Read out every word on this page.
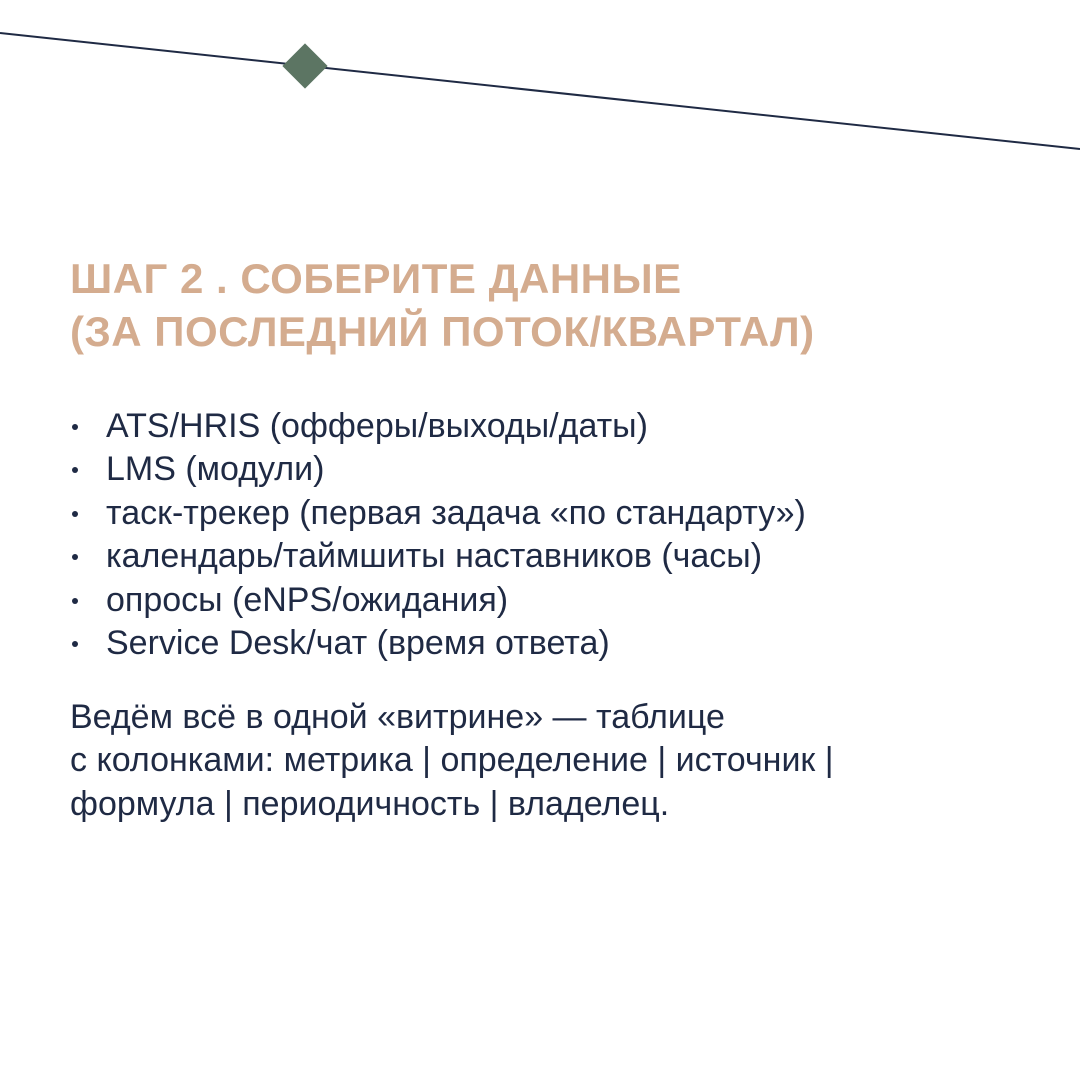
ШАГ 2 . СОБЕРИТЕ ДАННЫЕ
(ЗА ПОСЛЕДНИЙ ПОТОК/КВАРТАЛ)
ATS/HRIS (офферы/выходы/даты)
LMS (модули)
таск-трекер (первая задача «по стандарту»)
календарь/таймшиты наставников (часы)
опросы (eNPS/ожидания)
Service Desk/чат (время ответа)

Ведём всё в одной «витрине» — таблице
с колонками: метрика | определение | источник |
формула | периодичность | владелец.
